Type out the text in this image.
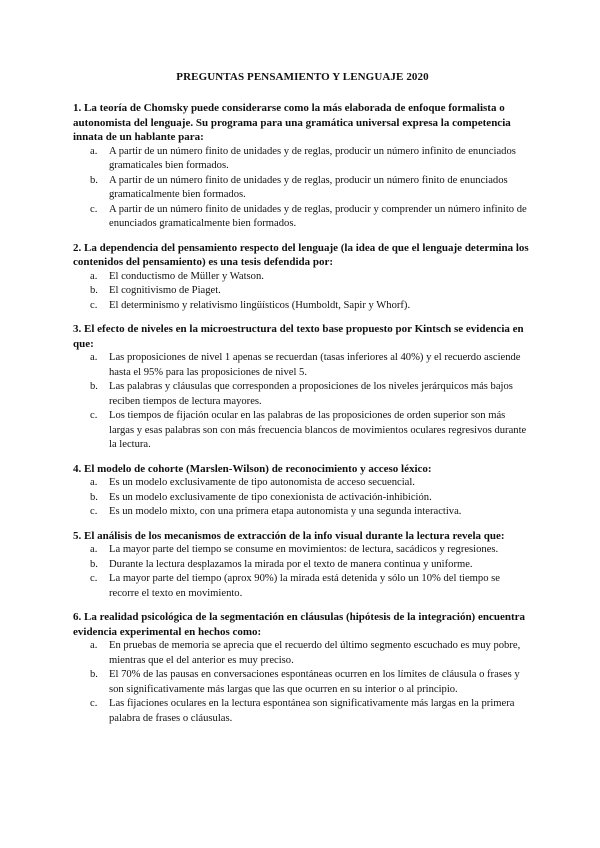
PREGUNTAS PENSAMIENTO Y LENGUAJE 2020

1. La teoría de Chomsky puede considerarse como la más elaborada de enfoque formalista o autonomista del lenguaje. Su programa para una gramática universal expresa la competencia innata de un hablante para:

a. A partir de un número finito de unidades y de reglas, producir un número infinito de enunciados gramaticales bien formados.
b. A partir de un número finito de unidades y de reglas, producir un número finito de enunciados gramaticalmente bien formados.
c. A partir de un número finito de unidades y de reglas, producir y comprender un número infinito de enunciados gramaticalmente bien formados.

2. La dependencia del pensamiento respecto del lenguaje (la idea de que el lenguaje determina los contenidos del pensamiento) es una tesis defendida por:

a. El conductismo de Müller y Watson.
b. El cognitivismo de Piaget.
c. El determinismo y relativismo lingüísticos (Humboldt, Sapir y Whorf).

3. El efecto de niveles en la microestructura del texto base propuesto por Kintsch se evidencia en que:

a. Las proposiciones de nivel 1 apenas se recuerdan (tasas inferiores al 40%) y el recuerdo asciende hasta el 95% para las proposiciones de nivel 5.
b. Las palabras y cláusulas que corresponden a proposiciones de los niveles jerárquicos más bajos reciben tiempos de lectura mayores.
c. Los tiempos de fijación ocular en las palabras de las proposiciones de orden superior son más largas y esas palabras son con más frecuencia blancos de movimientos oculares regresivos durante la lectura.

4. El modelo de cohorte (Marslen-Wilson) de reconocimiento y acceso léxico:

a. Es un modelo exclusivamente de tipo autonomista de acceso secuencial.
b. Es un modelo exclusivamente de tipo conexionista de activación-inhibición.
c. Es un modelo mixto, con una primera etapa autonomista y una segunda interactiva.

5. El análisis de los mecanismos de extracción de la info visual durante la lectura revela que:

a. La mayor parte del tiempo se consume en movimientos: de lectura, sacádicos y regresiones.
b. Durante la lectura desplazamos la mirada por el texto de manera continua y uniforme.
c. La mayor parte del tiempo (aprox 90%) la mirada está detenida y sólo un 10% del tiempo se recorre el texto en movimiento.

6. La realidad psicológica de la segmentación en cláusulas (hipótesis de la integración) encuentra evidencia experimental en hechos como:

a. En pruebas de memoria se aprecia que el recuerdo del último segmento escuchado es muy pobre, mientras que el del anterior es muy preciso.
b. El 70% de las pausas en conversaciones espontáneas ocurren en los límites de cláusula o frases y son significativamente más largas que las que ocurren en su interior o al principio.
c. Las fijaciones oculares en la lectura espontánea son significativamente más largas en la primera palabra de frases o cláusulas.
